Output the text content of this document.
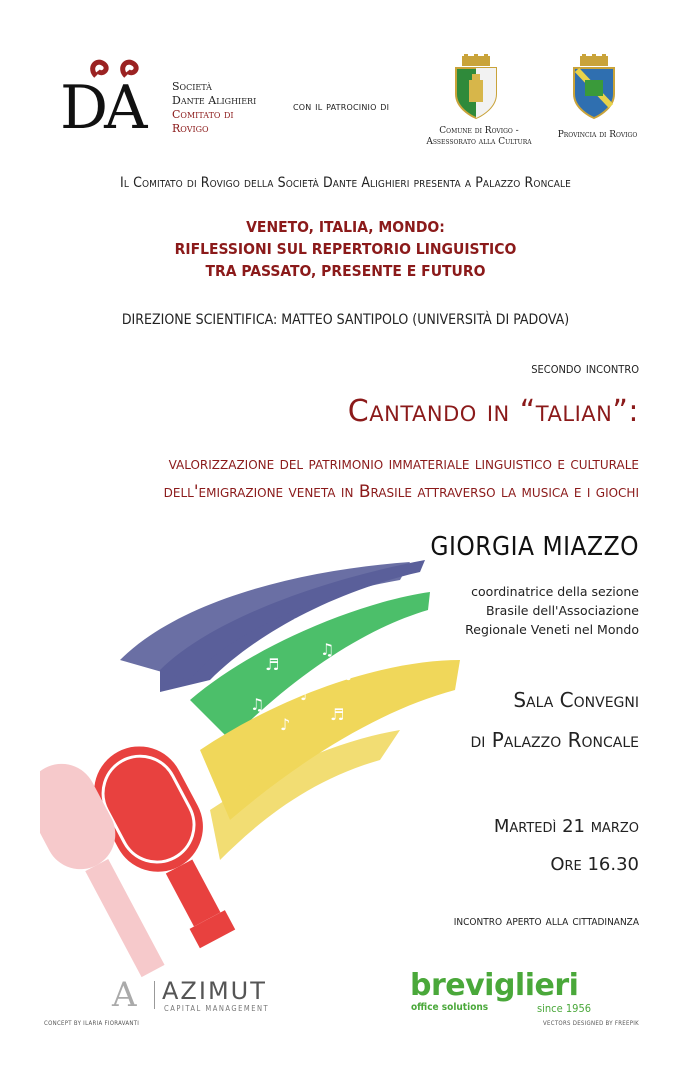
DA	Società
Dante Alighieri
Comitato di
Rovigo
con il patrocinio di
Comune di Rovigo -
Assessorato alla Cultura
Provincia di Rovigo
Il Comitato di Rovigo della Società Dante Alighieri presenta a Palazzo Roncale
VENETO, ITALIA, MONDO:
RIFLESSIONI SUL REPERTORIO LINGUISTICO
TRA PASSATO, PRESENTE E FUTURO
DIREZIONE SCIENTIFICA: MATTEO SANTIPOLO (UNIVERSITÀ DI PADOVA)
secondo incontro
Cantando in “talian”:
valorizzazione del patrimonio immateriale linguistico e culturale
dell'emigrazione veneta in Brasile attraverso la musica e i giochi
♪
♫
♬
♪
♩
♫
♪
♬
GIORGIA MIAZZO
coordinatrice della sezione
Brasile dell'Associazione
Regionale Veneti nel Mondo
Sala Convegni
di Palazzo Roncale
Martedì 21 marzo
Ore 16.30
incontro aperto alla cittadinanza
A AZIMUT
CAPITAL MANAGEMENT
CONCEPT BY ILARIA FIORAVANTI
breviglieri
office solutions	since 1956
VECTORS DESIGNED BY FREEPIK
